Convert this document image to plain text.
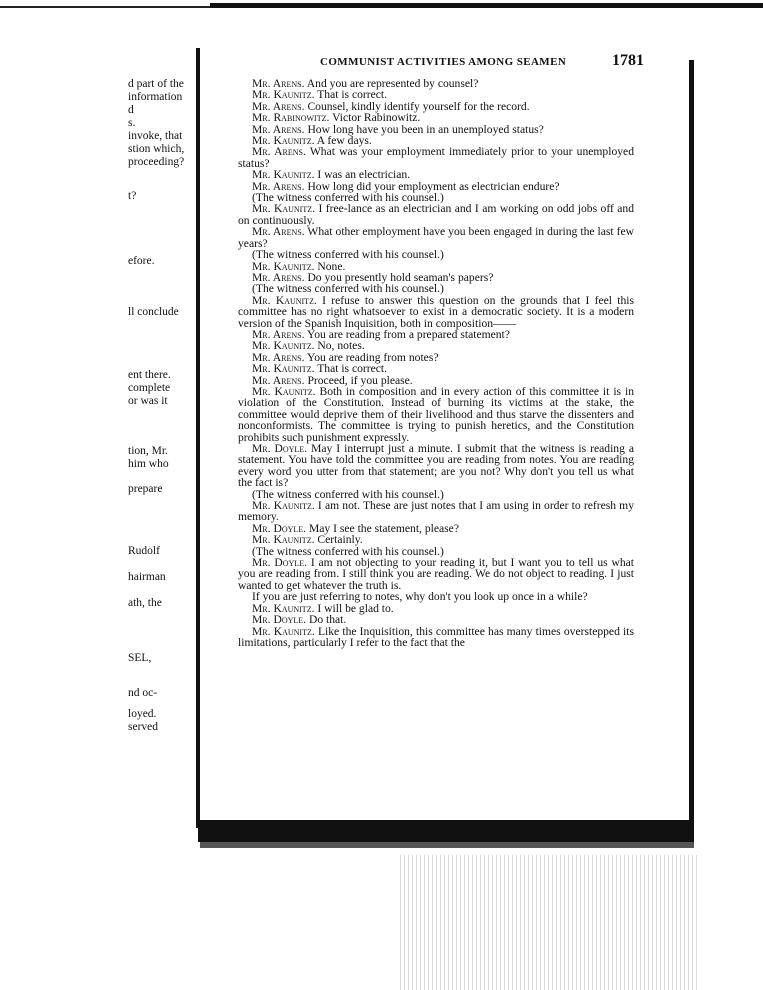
COMMUNIST ACTIVITIES AMONG SEAMEN	1781
d part of the
information
d
s.
invoke, that
stion which,
proceeding?
t?
efore.
ll conclude
ent there.
complete
or was it
tion, Mr.
him who
prepare
Rudolf
hairman
ath, the
SEL,
nd oc-
loyed.
served
Mr. Arens. And you are represented by counsel?
Mr. Kaunitz. That is correct.
Mr. Arens. Counsel, kindly identify yourself for the record.
Mr. Rabinowitz. Victor Rabinowitz.
Mr. Arens. How long have you been in an unemployed status?
Mr. Kaunitz. A few days.
Mr. Arens. What was your employment immediately prior to your unemployed status?
Mr. Kaunitz. I was an electrician.
Mr. Arens. How long did your employment as electrician endure?
(The witness conferred with his counsel.)
Mr. Kaunitz. I free-lance as an electrician and I am working on odd jobs off and on continuously.
Mr. Arens. What other employment have you been engaged in during the last few years?
(The witness conferred with his counsel.)
Mr. Kaunitz. None.
Mr. Arens. Do you presently hold seaman's papers?
(The witness conferred with his counsel.)
Mr. Kaunitz. I refuse to answer this question on the grounds that I feel this committee has no right whatsoever to exist in a democratic society. It is a modern version of the Spanish Inquisition, both in composition——
Mr. Arens. You are reading from a prepared statement?
Mr. Kaunitz. No, notes.
Mr. Arens. You are reading from notes?
Mr. Kaunitz. That is correct.
Mr. Arens. Proceed, if you please.
Mr. Kaunitz. Both in composition and in every action of this committee it is in violation of the Constitution. Instead of burning its victims at the stake, the committee would deprive them of their livelihood and thus starve the dissenters and nonconformists. The committee is trying to punish heretics, and the Constitution prohibits such punishment expressly.
Mr. Doyle. May I interrupt just a minute. I submit that the witness is reading a statement. You have told the committee you are reading from notes. You are reading every word you utter from that statement; are you not? Why don't you tell us what the fact is?
(The witness conferred with his counsel.)
Mr. Kaunitz. I am not. These are just notes that I am using in order to refresh my memory.
Mr. Doyle. May I see the statement, please?
Mr. Kaunitz. Certainly.
(The witness conferred with his counsel.)
Mr. Doyle. I am not objecting to your reading it, but I want you to tell us what you are reading from. I still think you are reading. We do not object to reading. I just wanted to get whatever the truth is.
If you are just referring to notes, why don't you look up once in a while?
Mr. Kaunitz. I will be glad to.
Mr. Doyle. Do that.
Mr. Kaunitz. Like the Inquisition, this committee has many times overstepped its limitations, particularly I refer to the fact that the
